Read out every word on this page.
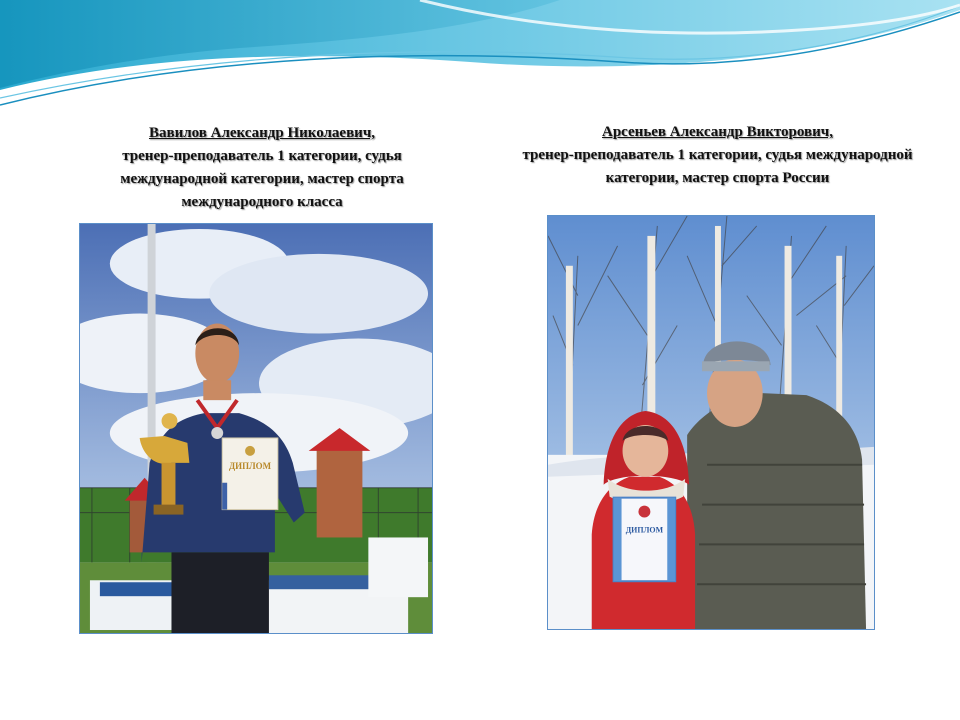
Вавилов Александр Николаевич,
тренер-преподаватель 1 категории, судья международной категории, мастер спорта международного класса
Арсеньев Александр Викторович,
тренер-преподаватель 1 категории, судья международной категории, мастер спорта России
ДИПЛОМ
ДИПЛОМ
